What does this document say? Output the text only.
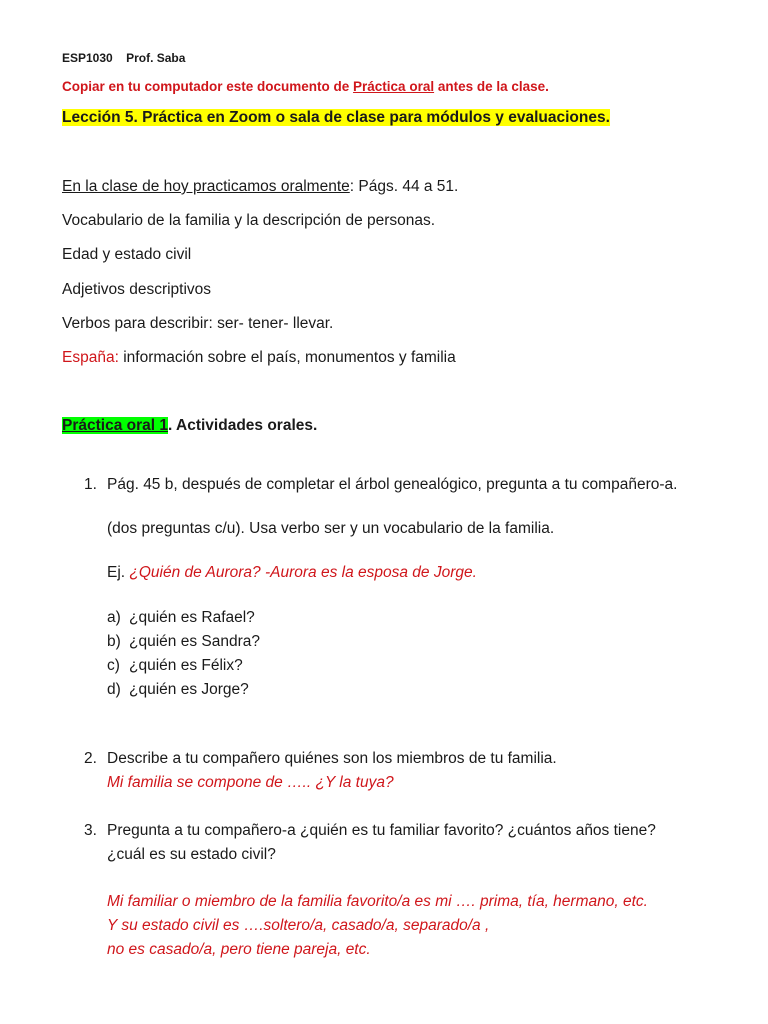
ESP1030 Prof. Saba
Copiar en tu computador este documento de Práctica oral antes de la clase.
Lección 5. Práctica en Zoom o sala de clase para módulos y evaluaciones.
En la clase de hoy practicamos oralmente: Págs. 44 a 51.
Vocabulario de la familia y la descripción de personas.
Edad y estado civil
Adjetivos descriptivos
Verbos para describir: ser- tener- llevar.
España: información sobre el país, monumentos y familia
Práctica oral 1. Actividades orales.
1. Pág. 45 b, después de completar el árbol genealógico, pregunta a tu compañero-a.
(dos preguntas c/u). Usa verbo ser y un vocabulario de la familia.
Ej. ¿Quién de Aurora? -Aurora es la esposa de Jorge.
a) ¿quién es Rafael?
b) ¿quién es Sandra?
c) ¿quién es Félix?
d) ¿quién es Jorge?
2. Describe a tu compañero quiénes son los miembros de tu familia.
Mi familia se compone de ….. ¿Y la tuya?
3. Pregunta a tu compañero-a ¿quién es tu familiar favorito? ¿cuántos años tiene?
¿cuál es su estado civil?
Mi familiar o miembro de la familia favorito/a es mi …. prima, tía, hermano, etc.
Y su estado civil es ….soltero/a, casado/a, separado/a ,
no es casado/a, pero tiene pareja, etc.
